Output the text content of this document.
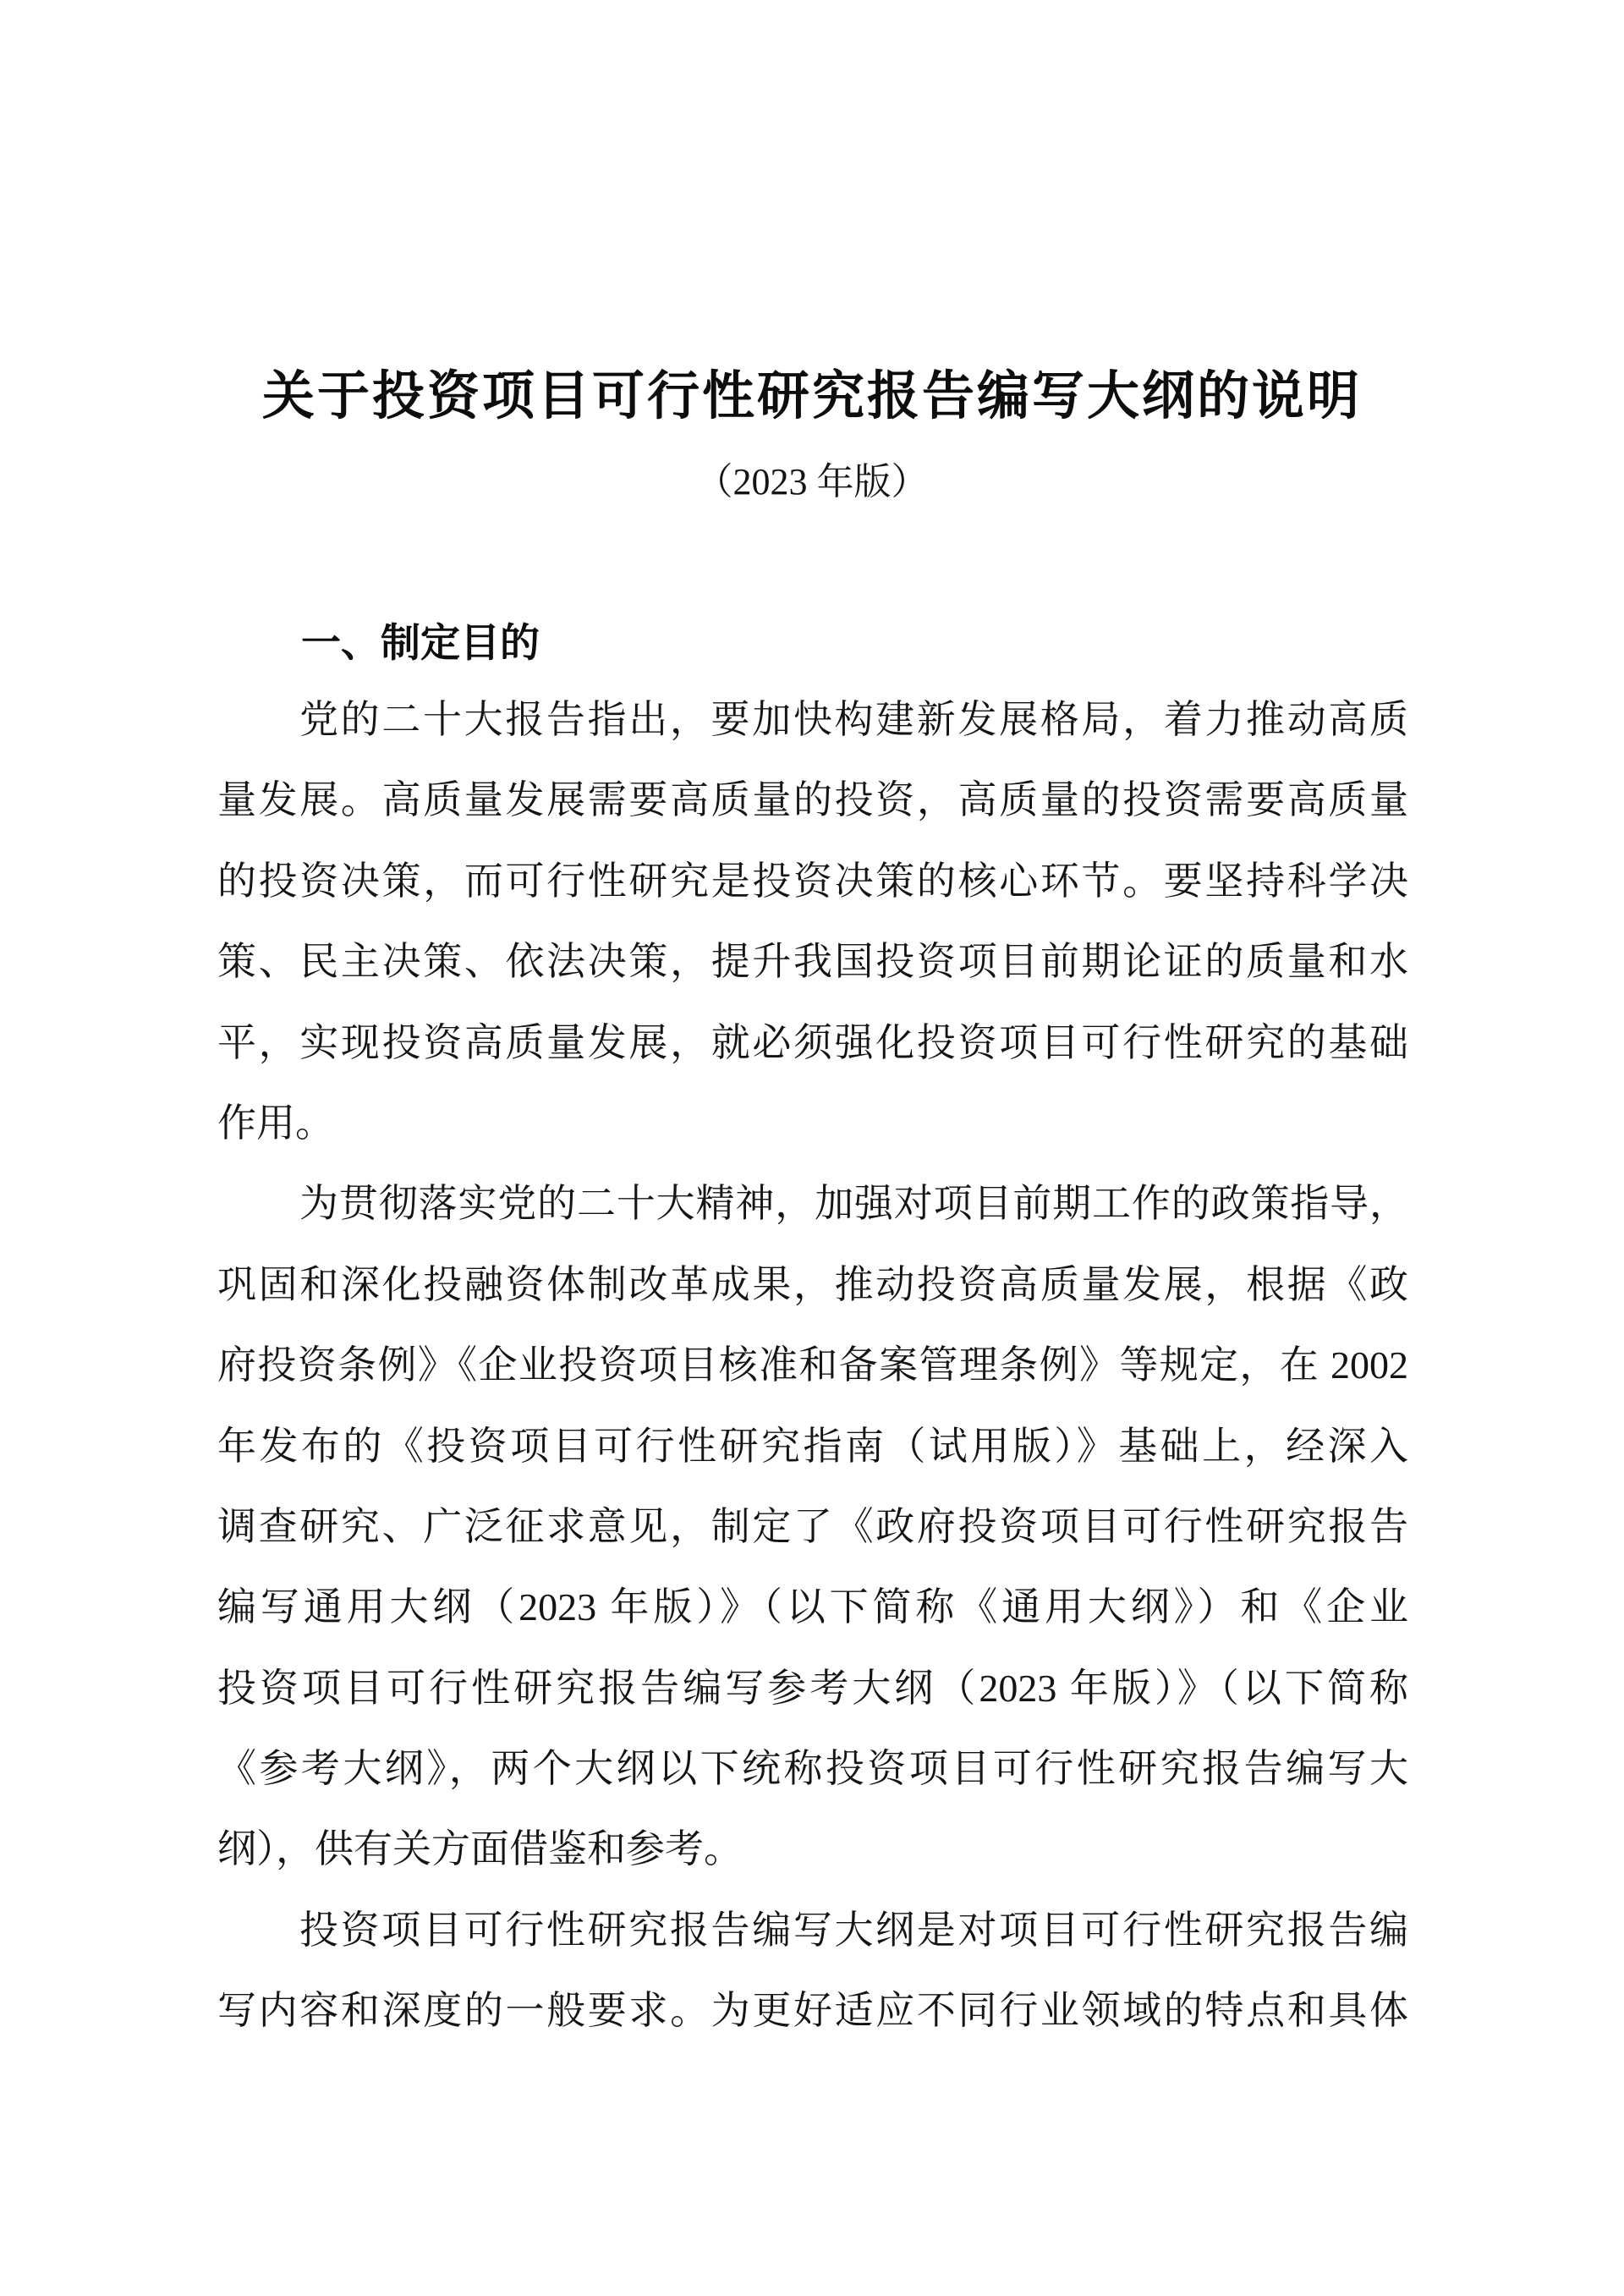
关于投资项目可行性研究报告编写大纲的说明
（2023 年版）
一、制定目的
党的二十大报告指出，要加快构建新发展格局，着力推动高质
量发展。高质量发展需要高质量的投资，高质量的投资需要高质量
的投资决策，而可行性研究是投资决策的核心环节。要坚持科学决
策、民主决策、依法决策，提升我国投资项目前期论证的质量和水
平，实现投资高质量发展，就必须强化投资项目可行性研究的基础
作用。
为贯彻落实党的二十大精神，加强对项目前期工作的政策指导，
巩固和深化投融资体制改革成果，推动投资高质量发展，根据《政
府投资条例》《企业投资项目核准和备案管理条例》等规定，在 2002
年发布的《投资项目可行性研究指南（试用版）》基础上，经深入
调查研究、广泛征求意见，制定了《政府投资项目可行性研究报告
编写通用大纲（2023 年版）》（以下简称《通用大纲》）和《企业
投资项目可行性研究报告编写参考大纲（2023 年版）》（以下简称
《参考大纲》，两个大纲以下统称投资项目可行性研究报告编写大
纲），供有关方面借鉴和参考。
投资项目可行性研究报告编写大纲是对项目可行性研究报告编
写内容和深度的一般要求。为更好适应不同行业领域的特点和具体
